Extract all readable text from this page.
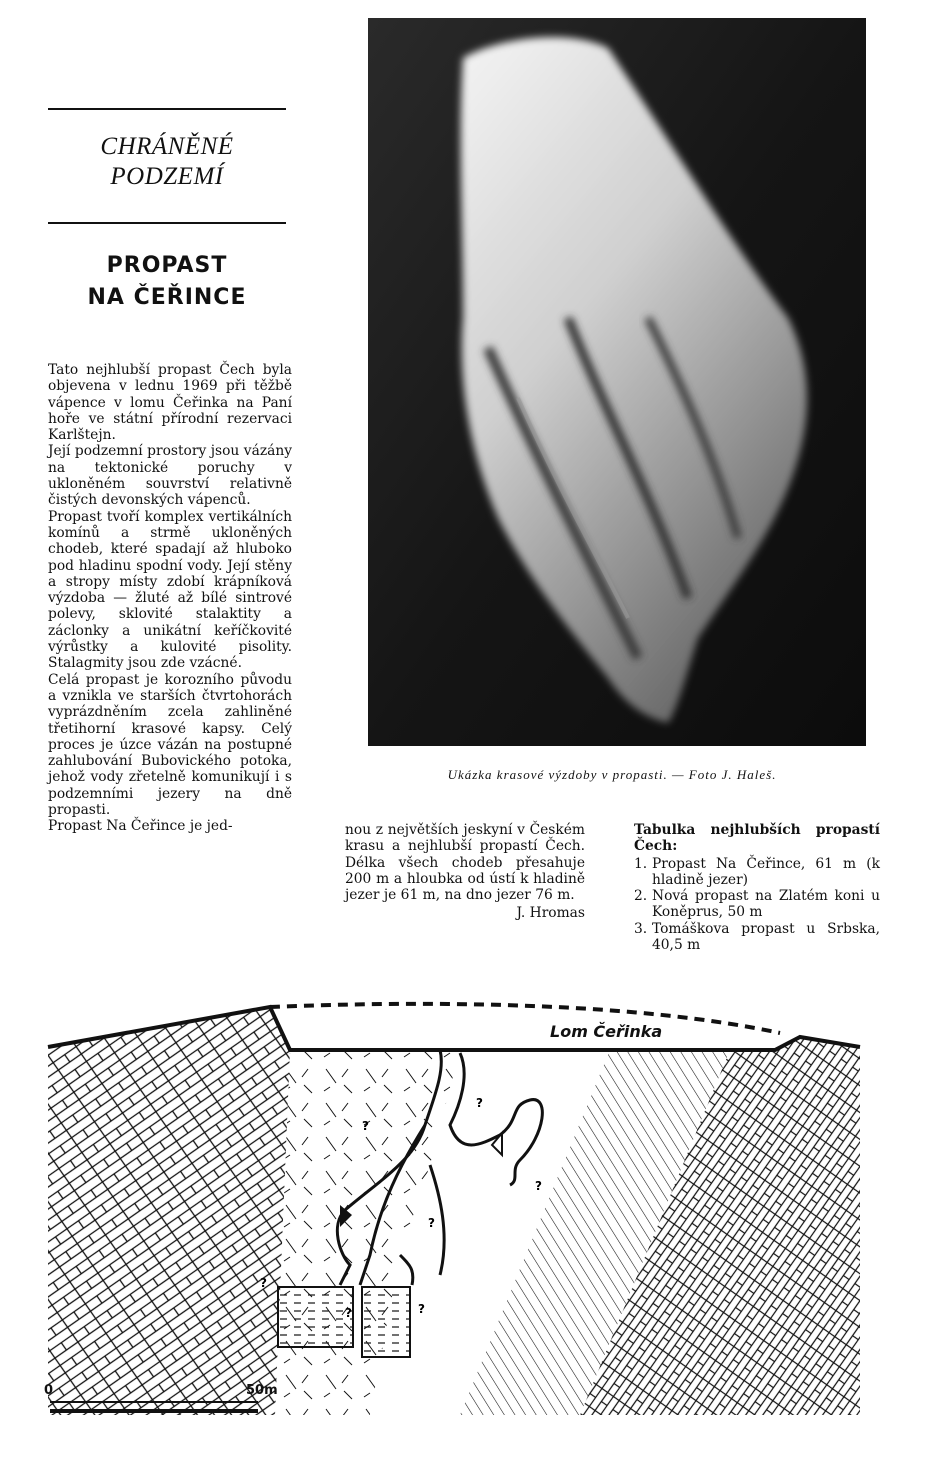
CHRÁNĚNÉ
PODZEMÍ
PROPAST
NA ČEŘINCE

Tato nejhlubší propast Čech byla objevena v lednu 1969 při těžbě vápence v lomu Čeřinka na Paní hoře ve státní přírodní rezervaci Karlštejn.

Její podzemní prostory jsou vázány na tektonické poruchy v ukloněném souvrství relativně čistých devonských vápenců.

Propast tvoří komplex vertikálních komínů a strmě ukloněných chodeb, které spadají až hluboko pod hladinu spodní vody. Její stěny a stropy místy zdobí krápníková výzdoba — žluté až bílé sintrové polevy, sklovité stalaktity a záclonky a unikátní keříčkovité výrůstky a kulovité pisolity. Stalagmity jsou zde vzácné.

Celá propast je korozního původu a vznikla ve starších čtvrtohorách vyprázdněním zcela zahliněné třetihorní krasové kapsy. Celý proces je úzce vázán na postupné zahlubování Bubovického potoka, jehož vody zřetelně komunikují i s podzemními jezery na dně propasti.

Propast Na Čeřince je jed-

Ukázka krasové výzdoby v propasti. — Foto J. Haleš.

nou z největších jeskyní v Českém krasu a nejhlubší propastí Čech. Délka všech chodeb přesahuje 200 m a hloubka od ústí k hladině jezer je 61 m, na dno jezer 76 m.

J. Hromas

Tabulka nejhlubších propastí Čech:
1. Propast Na Čeřince, 61 m (k hladině jezer)
2. Nová propast na Zlatém koni u Koněprus, 50 m
3. Tomáškova propast u Srbska, 40,5 m
?
?
?
?
?
?	?
Lom Čeřinka
0	50m
